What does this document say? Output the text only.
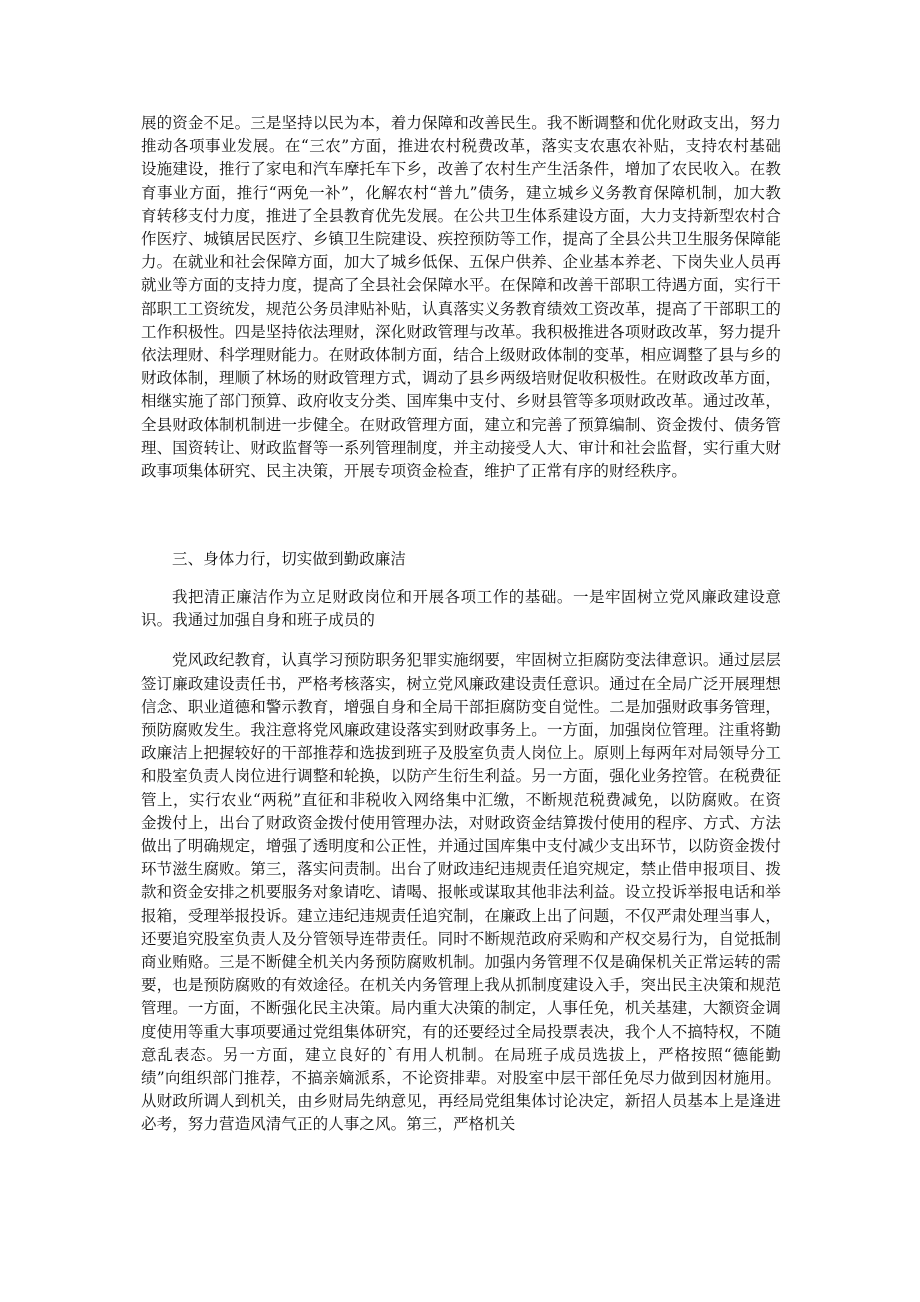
展的资金不足。三是坚持以民为本，着力保障和改善民生。我不断调整和优化财政支出，努力推动各项事业发展。在“三农”方面，推进农村税费改革，落实支农惠农补贴，支持农村基础设施建设，推行了家电和汽车摩托车下乡，改善了农村生产生活条件，增加了农民收入。在教育事业方面，推行“两免一补”，化解农村“普九”债务，建立城乡义务教育保障机制，加大教育转移支付力度，推进了全县教育优先发展。在公共卫生体系建设方面，大力支持新型农村合作医疗、城镇居民医疗、乡镇卫生院建设、疾控预防等工作，提高了全县公共卫生服务保障能力。在就业和社会保障方面，加大了城乡低保、五保户供养、企业基本养老、下岗失业人员再就业等方面的支持力度，提高了全县社会保障水平。在保障和改善干部职工待遇方面，实行干部职工工资统发，规范公务员津贴补贴，认真落实义务教育绩效工资改革，提高了干部职工的工作积极性。四是坚持依法理财，深化财政管理与改革。我积极推进各项财政改革，努力提升依法理财、科学理财能力。在财政体制方面，结合上级财政体制的变革，相应调整了县与乡的财政体制，理顺了林场的财政管理方式，调动了县乡两级培财促收积极性。在财政改革方面，相继实施了部门预算、政府收支分类、国库集中支付、乡财县管等多项财政改革。通过改革，全县财政体制机制进一步健全。在财政管理方面，建立和完善了预算编制、资金拨付、债务管理、国资转让、财政监督等一系列管理制度，并主动接受人大、审计和社会监督，实行重大财政事项集体研究、民主决策，开展专项资金检查，维护了正常有序的财经秩序。

三、身体力行，切实做到勤政廉洁

我把清正廉洁作为立足财政岗位和开展各项工作的基础。一是牢固树立党风廉政建设意识。我通过加强自身和班子成员的

党风政纪教育，认真学习预防职务犯罪实施纲要，牢固树立拒腐防变法律意识。通过层层签订廉政建设责任书，严格考核落实，树立党风廉政建设责任意识。通过在全局广泛开展理想信念、职业道德和警示教育，增强自身和全局干部拒腐防变自觉性。二是加强财政事务管理，预防腐败发生。我注意将党风廉政建设落实到财政事务上。一方面，加强岗位管理。注重将勤政廉洁上把握较好的干部推荐和选拔到班子及股室负责人岗位上。原则上每两年对局领导分工和股室负责人岗位进行调整和轮换，以防产生衍生利益。另一方面，强化业务控管。在税费征管上，实行农业“两税”直征和非税收入网络集中汇缴，不断规范税费减免，以防腐败。在资金拨付上，出台了财政资金拨付使用管理办法，对财政资金结算拨付使用的程序、方式、方法做出了明确规定，增强了透明度和公正性，并通过国库集中支付减少支出环节，以防资金拨付环节滋生腐败。第三，落实问责制。出台了财政违纪违规责任追究规定，禁止借申报项目、拨款和资金安排之机要服务对象请吃、请喝、报帐或谋取其他非法利益。设立投诉举报电话和举报箱，受理举报投诉。建立违纪违规责任追究制，在廉政上出了问题，不仅严肃处理当事人，还要追究股室负责人及分管领导连带责任。同时不断规范政府采购和产权交易行为，自觉抵制商业贿赂。三是不断健全机关内务预防腐败机制。加强内务管理不仅是确保机关正常运转的需要，也是预防腐败的有效途径。在机关内务管理上我从抓制度建设入手，突出民主决策和规范管理。一方面，不断强化民主决策。局内重大决策的制定，人事任免，机关基建，大额资金调度使用等重大事项要通过党组集体研究，有的还要经过全局投票表决，我个人不搞特权，不随意乱表态。另一方面，建立良好的`有用人机制。在局班子成员选拔上，严格按照“德能勤绩”向组织部门推荐，不搞亲嫡派系，不论资排辈。对股室中层干部任免尽力做到因材施用。从财政所调人到机关，由乡财局先纳意见，再经局党组集体讨论决定，新招人员基本上是逢进必考，努力营造风清气正的人事之风。第三，严格机关
